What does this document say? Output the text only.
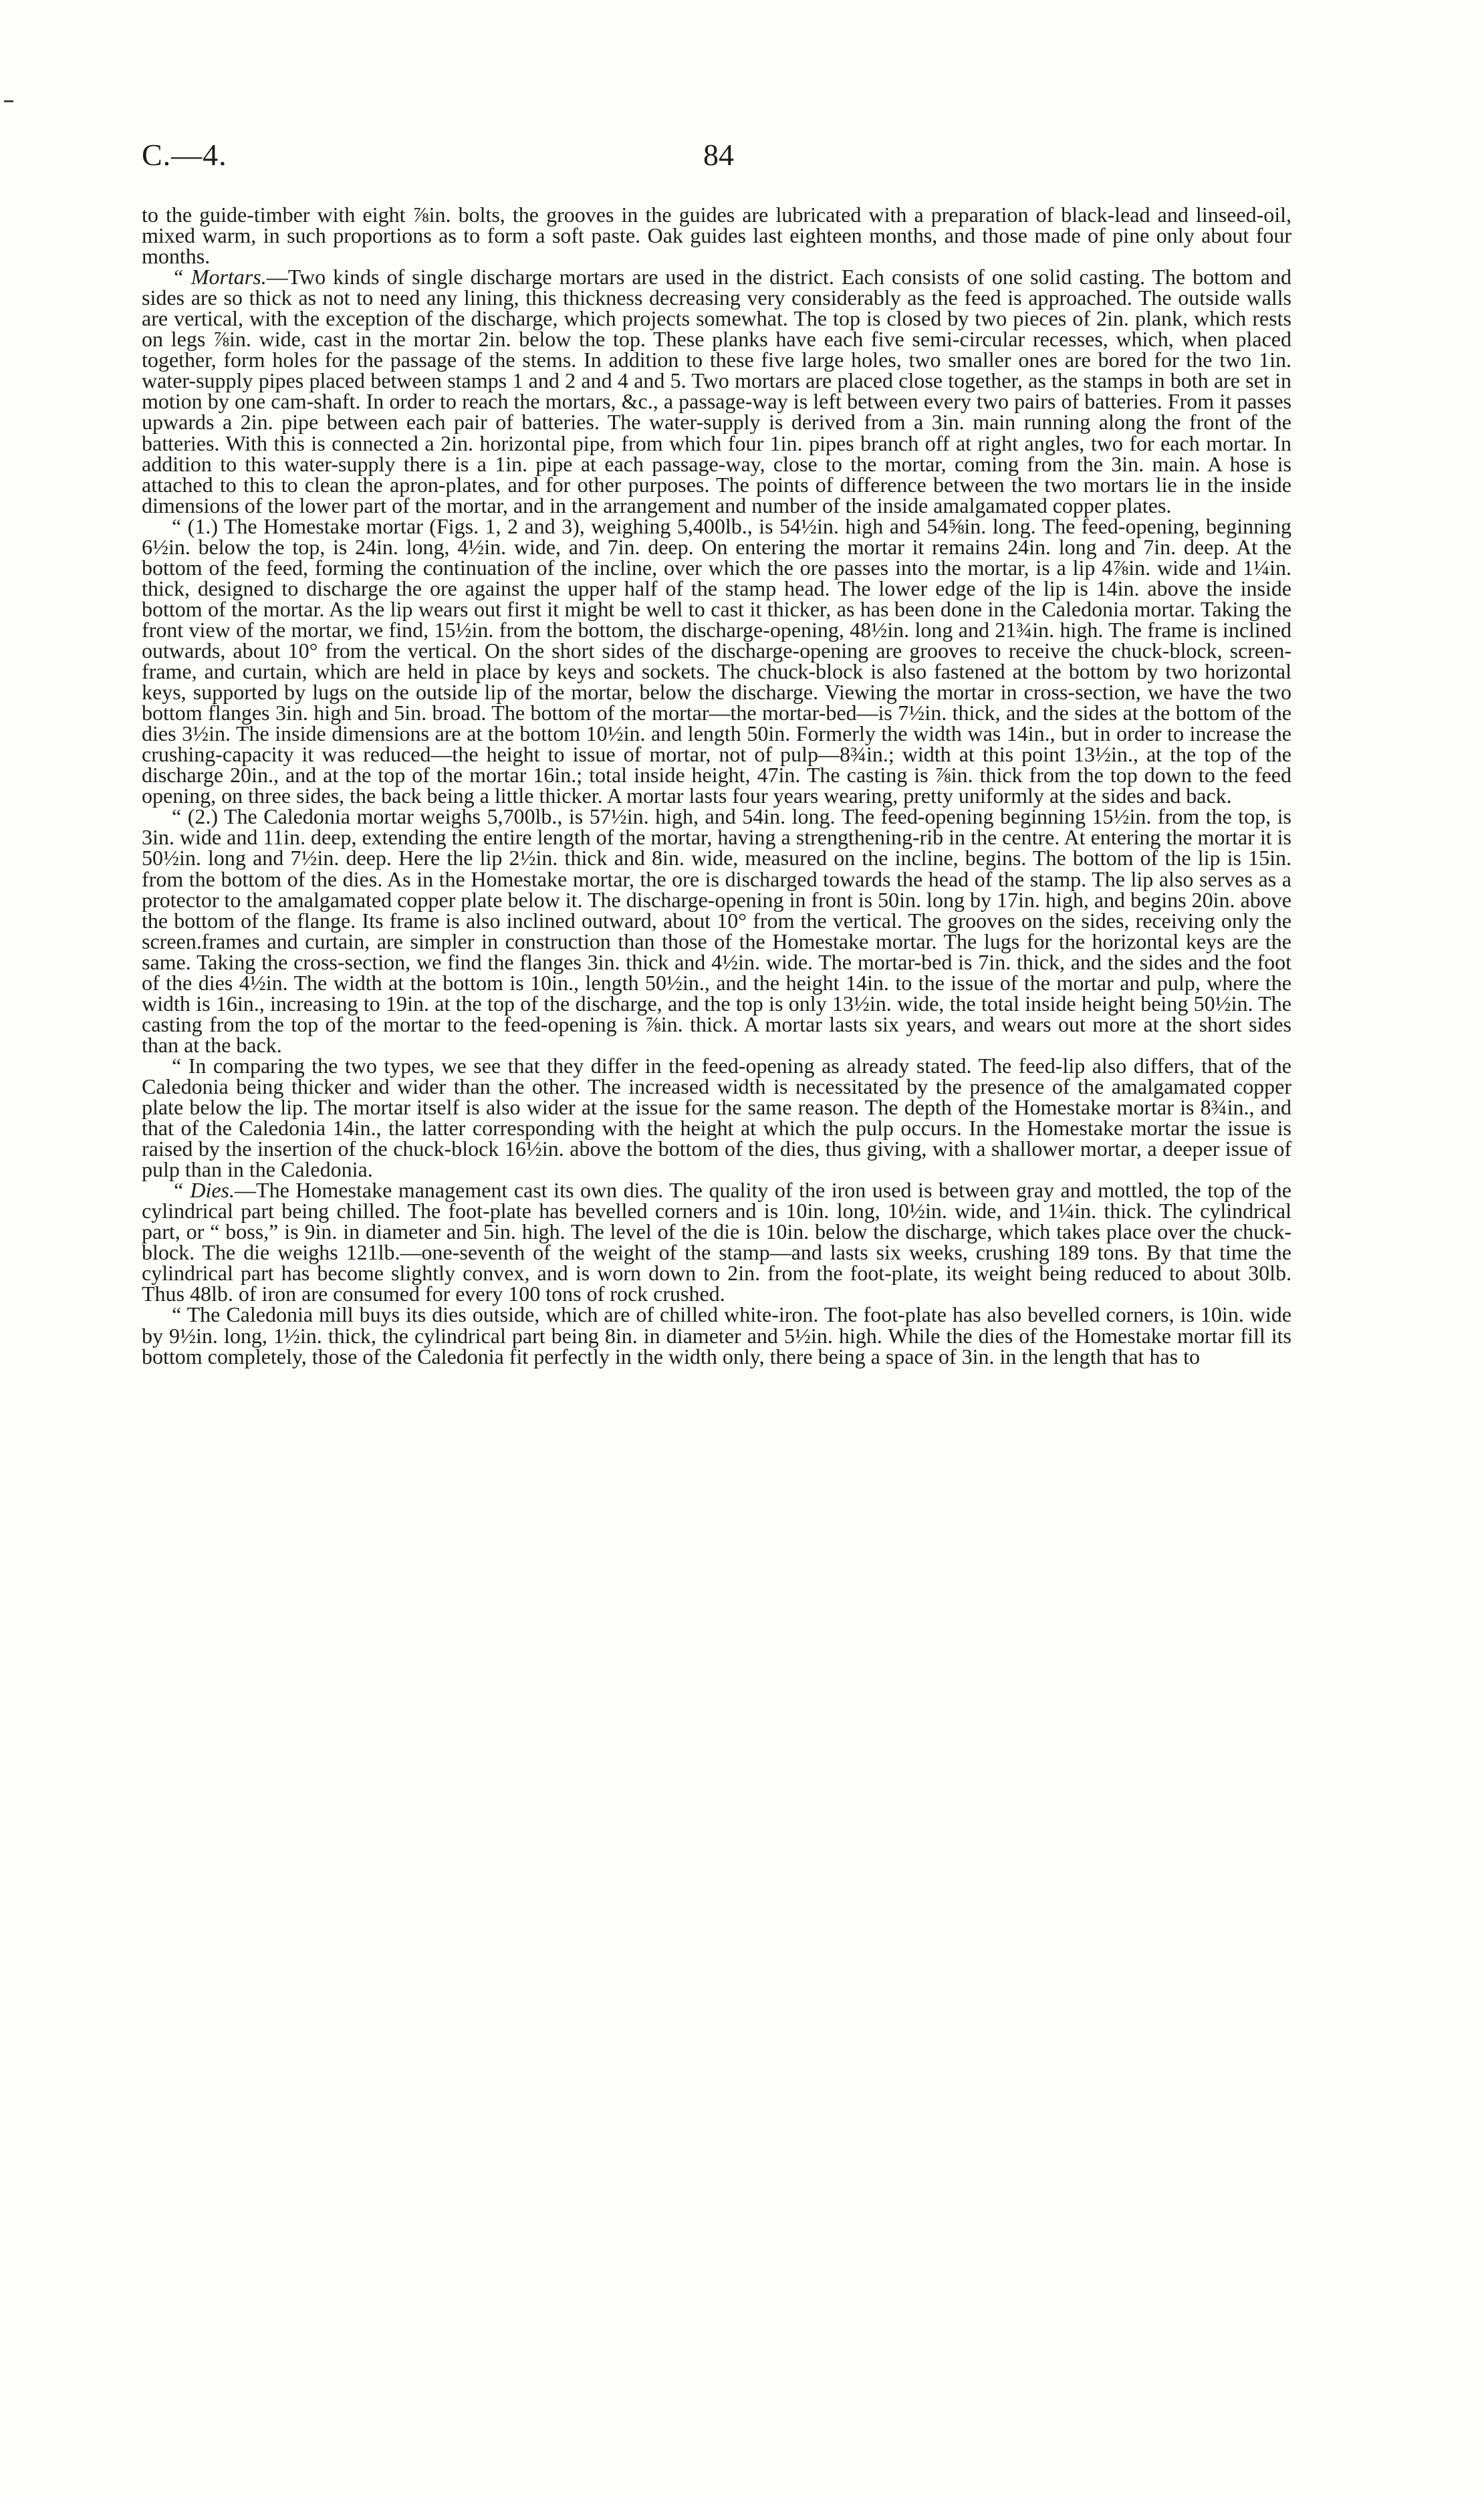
C.—4.	84

to the guide-timber with eight ⅞in. bolts, the grooves in the guides are lubricated with a preparation of black-lead and linseed-oil, mixed warm, in such proportions as to form a soft paste. Oak guides last eighteen months, and those made of pine only about four months.

“ Mortars.—Two kinds of single discharge mortars are used in the district. Each consists of one solid casting. The bottom and sides are so thick as not to need any lining, this thickness decreasing very considerably as the feed is approached. The outside walls are vertical, with the exception of the discharge, which projects somewhat. The top is closed by two pieces of 2in. plank, which rests on legs ⅞in. wide, cast in the mortar 2in. below the top. These planks have each five semi-circular recesses, which, when placed together, form holes for the passage of the stems. In addition to these five large holes, two smaller ones are bored for the two 1in. water-supply pipes placed between stamps 1 and 2 and 4 and 5. Two mortars are placed close together, as the stamps in both are set in motion by one cam-shaft. In order to reach the mortars, &c., a passage-way is left between every two pairs of batteries. From it passes upwards a 2in. pipe between each pair of batteries. The water-supply is derived from a 3in. main running along the front of the batteries. With this is connected a 2in. horizontal pipe, from which four 1in. pipes branch off at right angles, two for each mortar. In addition to this water-supply there is a 1in. pipe at each passage-way, close to the mortar, coming from the 3in. main. A hose is attached to this to clean the apron-plates, and for other purposes. The points of difference between the two mortars lie in the inside dimensions of the lower part of the mortar, and in the arrangement and number of the inside amalgamated copper plates.

“ (1.) The Homestake mortar (Figs. 1, 2 and 3), weighing 5,400lb., is 54½in. high and 54⅝in. long. The feed-opening, beginning 6½in. below the top, is 24in. long, 4½in. wide, and 7in. deep. On entering the mortar it remains 24in. long and 7in. deep. At the bottom of the feed, forming the continuation of the incline, over which the ore passes into the mortar, is a lip 4⅞in. wide and 1¼in. thick, designed to discharge the ore against the upper half of the stamp head. The lower edge of the lip is 14in. above the inside bottom of the mortar. As the lip wears out first it might be well to cast it thicker, as has been done in the Caledonia mortar. Taking the front view of the mortar, we find, 15½in. from the bottom, the discharge-opening, 48½in. long and 21¾in. high. The frame is inclined outwards, about 10° from the vertical. On the short sides of the discharge-opening are grooves to receive the chuck-block, screen-frame, and curtain, which are held in place by keys and sockets. The chuck-block is also fastened at the bottom by two horizontal keys, supported by lugs on the outside lip of the mortar, below the discharge. Viewing the mortar in cross-section, we have the two bottom flanges 3in. high and 5in. broad. The bottom of the mortar—the mortar-bed—is 7½in. thick, and the sides at the bottom of the dies 3½in. The inside dimensions are at the bottom 10½in. and length 50in. Formerly the width was 14in., but in order to increase the crushing-capacity it was reduced—the height to issue of mortar, not of pulp—8¾in.; width at this point 13½in., at the top of the discharge 20in., and at the top of the mortar 16in.; total inside height, 47in. The casting is ⅞in. thick from the top down to the feed opening, on three sides, the back being a little thicker. A mortar lasts four years wearing, pretty uniformly at the sides and back.

“ (2.) The Caledonia mortar weighs 5,700lb., is 57½in. high, and 54in. long. The feed-opening beginning 15½in. from the top, is 3in. wide and 11in. deep, extending the entire length of the mortar, having a strengthening-rib in the centre. At entering the mortar it is 50½in. long and 7½in. deep. Here the lip 2½in. thick and 8in. wide, measured on the incline, begins. The bottom of the lip is 15in. from the bottom of the dies. As in the Homestake mortar, the ore is discharged towards the head of the stamp. The lip also serves as a protector to the amalgamated copper plate below it. The discharge-opening in front is 50in. long by 17in. high, and begins 20in. above the bottom of the flange. Its frame is also inclined outward, about 10° from the vertical. The grooves on the sides, receiving only the screen.frames and curtain, are simpler in construction than those of the Homestake mortar. The lugs for the horizontal keys are the same. Taking the cross-section, we find the flanges 3in. thick and 4½in. wide. The mortar-bed is 7in. thick, and the sides and the foot of the dies 4½in. The width at the bottom is 10in., length 50½in., and the height 14in. to the issue of the mortar and pulp, where the width is 16in., increasing to 19in. at the top of the discharge, and the top is only 13½in. wide, the total inside height being 50½in. The casting from the top of the mortar to the feed-opening is ⅞in. thick. A mortar lasts six years, and wears out more at the short sides than at the back.

“ In comparing the two types, we see that they differ in the feed-opening as already stated. The feed-lip also differs, that of the Caledonia being thicker and wider than the other. The increased width is necessitated by the presence of the amalgamated copper plate below the lip. The mortar itself is also wider at the issue for the same reason. The depth of the Homestake mortar is 8¾in., and that of the Caledonia 14in., the latter corresponding with the height at which the pulp occurs. In the Homestake mortar the issue is raised by the insertion of the chuck-block 16½in. above the bottom of the dies, thus giving, with a shallower mortar, a deeper issue of pulp than in the Caledonia.

“ Dies.—The Homestake management cast its own dies. The quality of the iron used is between gray and mottled, the top of the cylindrical part being chilled. The foot-plate has bevelled corners and is 10in. long, 10½in. wide, and 1¼in. thick. The cylindrical part, or “ boss,” is 9in. in diameter and 5in. high. The level of the die is 10in. below the discharge, which takes place over the chuck-block. The die weighs 121lb.—one-seventh of the weight of the stamp—and lasts six weeks, crushing 189 tons. By that time the cylindrical part has become slightly convex, and is worn down to 2in. from the foot-plate, its weight being reduced to about 30lb. Thus 48lb. of iron are consumed for every 100 tons of rock crushed.

“ The Caledonia mill buys its dies outside, which are of chilled white-iron. The foot-plate has also bevelled corners, is 10in. wide by 9½in. long, 1½in. thick, the cylindrical part being 8in. in diameter and 5½in. high. While the dies of the Homestake mortar fill its bottom completely, those of the Caledonia fit perfectly in the width only, there being a space of 3in. in the length that has to
